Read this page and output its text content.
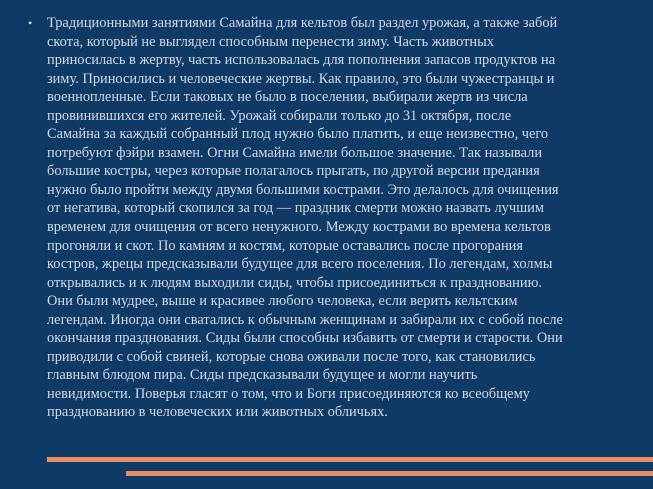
•	Традиционными занятиями Самайна для кельтов был раздел урожая, а также забой
скота, который не выглядел способным перенести зиму. Часть животных
приносилась в жертву, часть использовалась для пополнения запасов продуктов на
зиму. Приносились и человеческие жертвы. Как правило, это были чужестранцы и
военнопленные. Если таковых не было в поселении, выбирали жертв из числа
провинившихся его жителей. Урожай собирали только до 31 октября, после
Самайна за каждый собранный плод нужно было платить, и еще неизвестно, чего
потребуют фэйри взамен. Огни Самайна имели большое значение. Так называли
большие костры, через которые полагалось прыгать, по другой версии предания
нужно было пройти между двумя большими кострами. Это делалось для очищения
от негатива, который скопился за год — праздник смерти можно назвать лучшим
временем для очищения от всего ненужного. Между кострами во времена кельтов
прогоняли и скот. По камням и костям, которые оставались после прогорания
костров, жрецы предсказывали будущее для всего поселения. По легендам, холмы
открывались и к людям выходили сиды, чтобы присоединиться к празднованию.
Они были мудрее, выше и красивее любого человека, если верить кельтским
легендам. Иногда они сватались к обычным женщинам и забирали их с собой после
окончания празднования. Сиды были способны избавить от смерти и старости. Они
приводили с собой свиней, которые снова оживали после того, как становились
главным блюдом пира. Сиды предсказывали будущее и могли научить
невидимости. Поверья гласят о том, что и Боги присоединяются ко всеобщему
празднованию в человеческих или животных обличьях.
